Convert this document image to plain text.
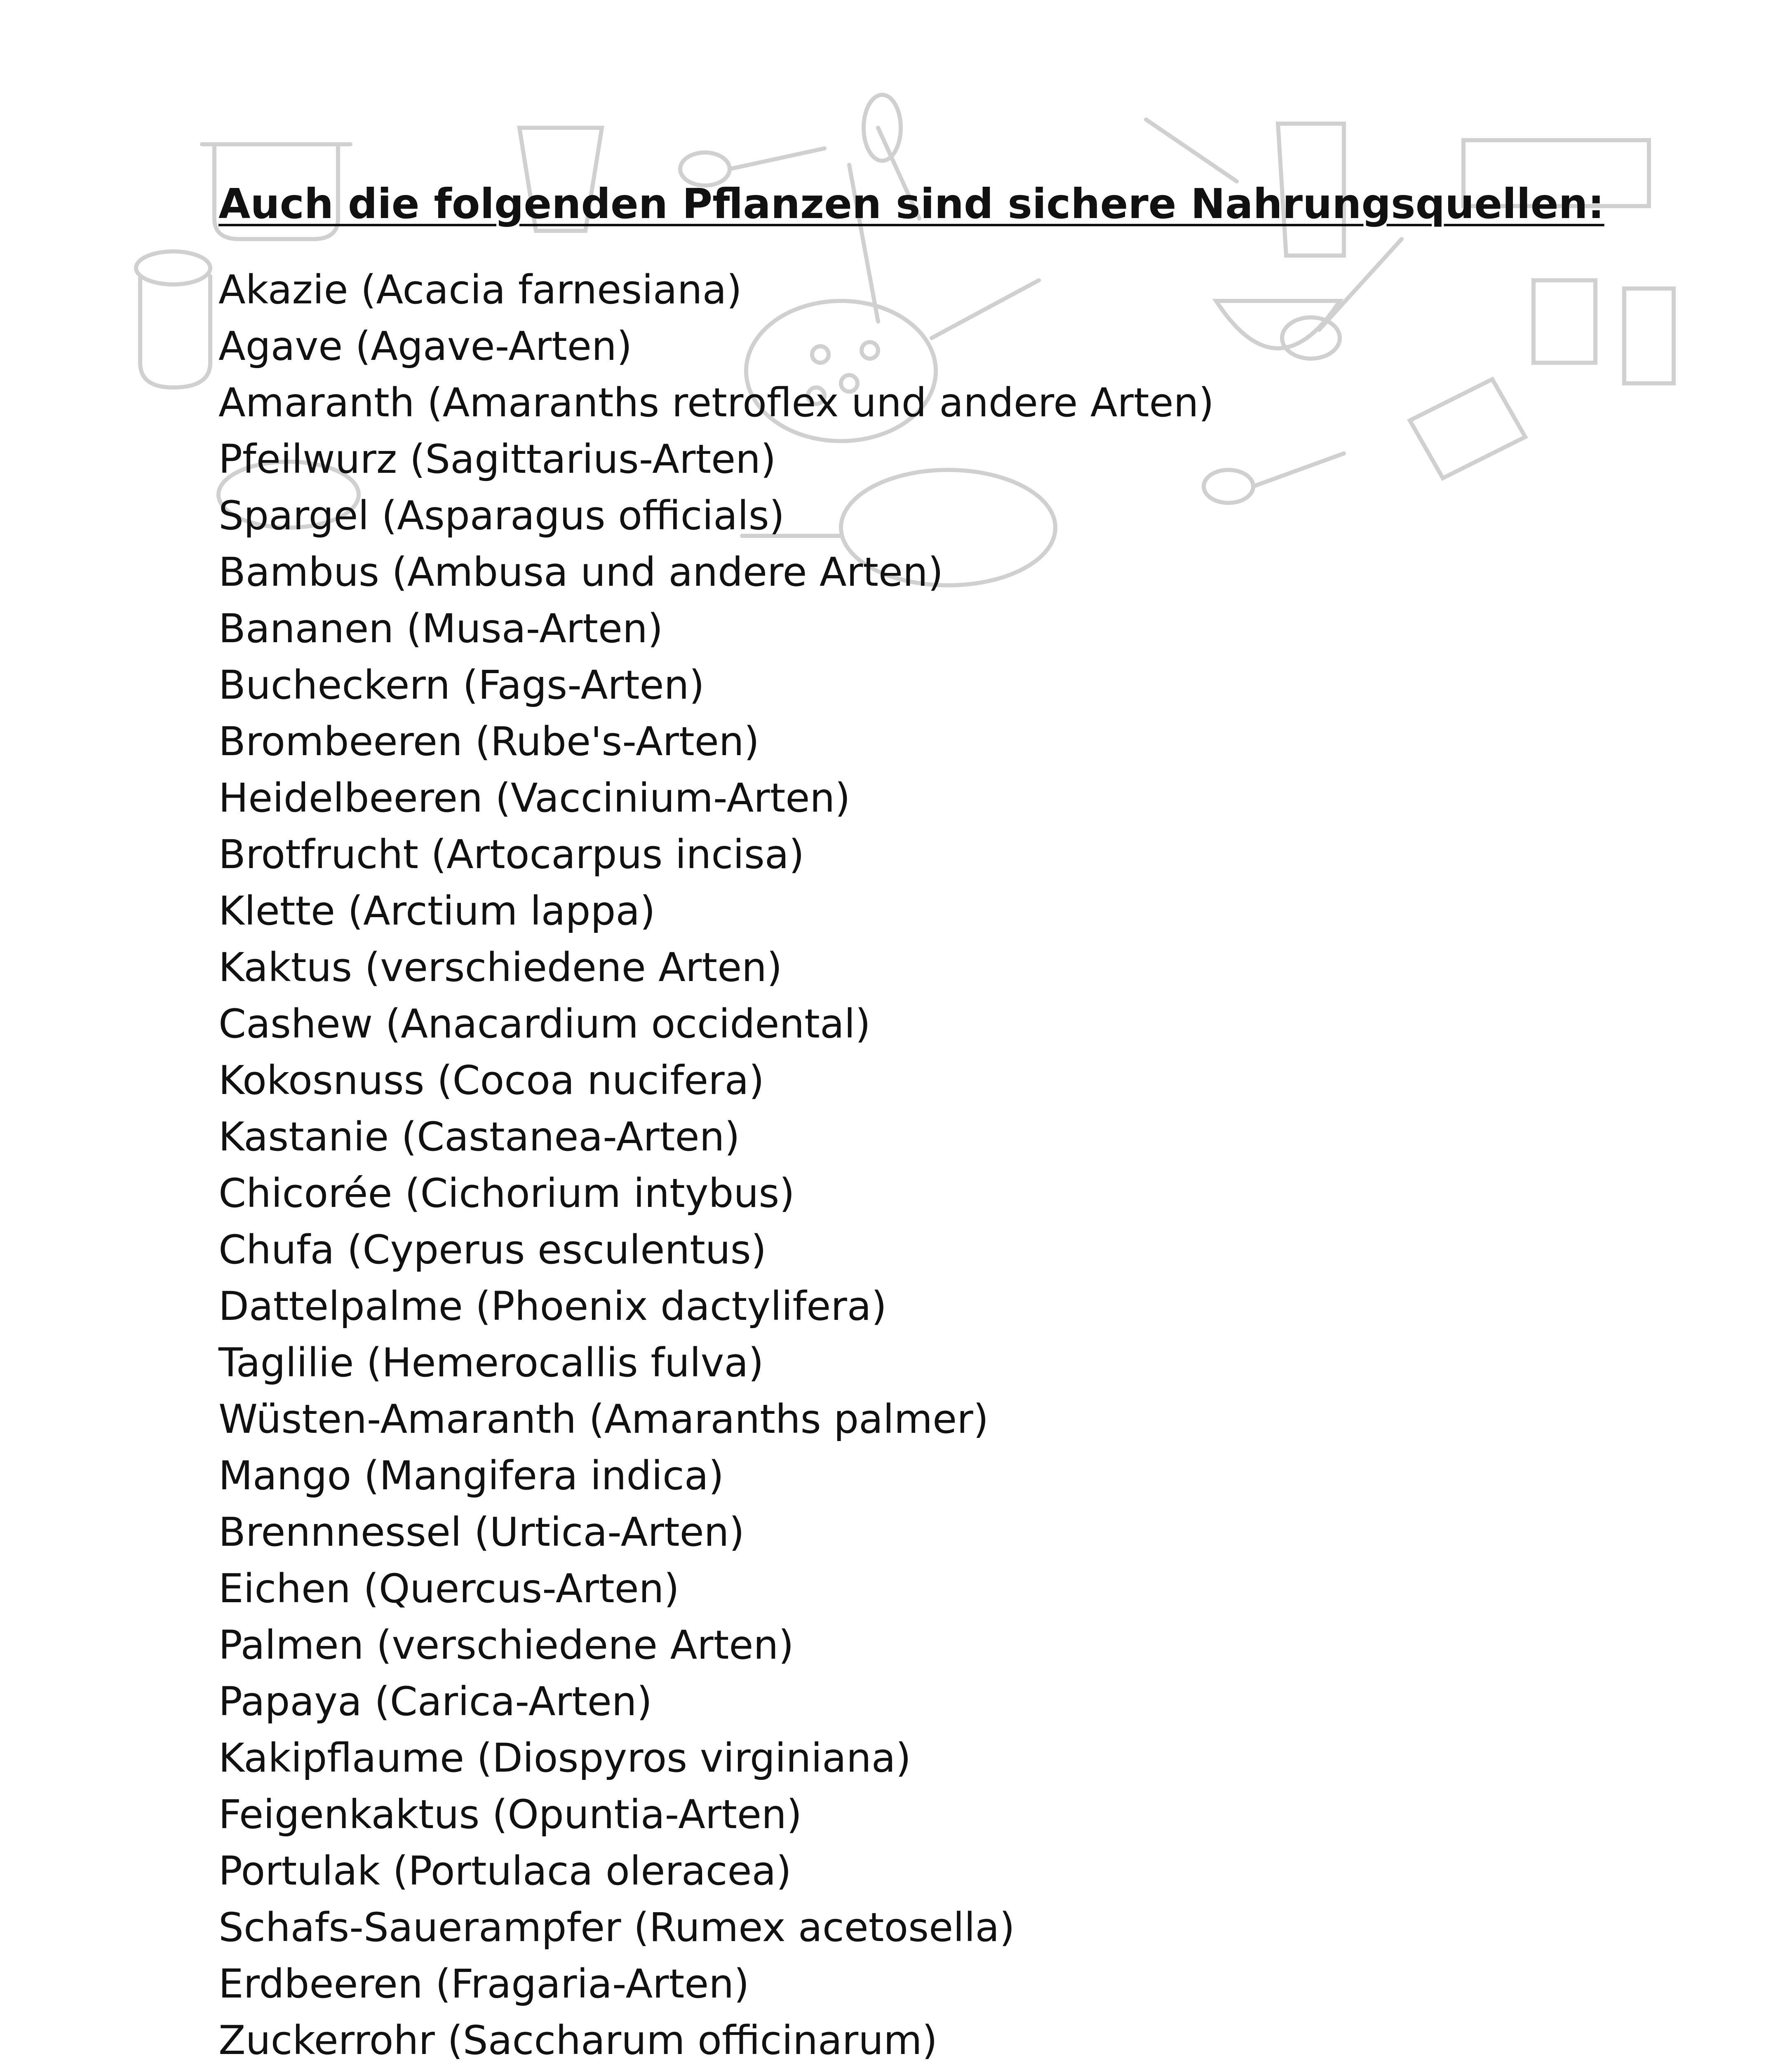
Auch die folgenden Pflanzen sind sichere Nahrungsquellen:
Akazie (Acacia farnesiana)
Agave (Agave-Arten)
Amaranth (Amaranths retroflex und andere Arten)
Pfeilwurz (Sagittarius-Arten)
Spargel (Asparagus officials)
Bambus (Ambusa und andere Arten)
Bananen (Musa-Arten)
Bucheckern (Fags-Arten)
Brombeeren (Rube's-Arten)
Heidelbeeren (Vaccinium-Arten)
Brotfrucht (Artocarpus incisa)
Klette (Arctium lappa)
Kaktus (verschiedene Arten)
Cashew (Anacardium occidental)
Kokosnuss (Cocoa nucifera)
Kastanie (Castanea-Arten)
Chicorée (Cichorium intybus)
Chufa (Cyperus esculentus)
Dattelpalme (Phoenix dactylifera)
Taglilie (Hemerocallis fulva)
Wüsten-Amaranth (Amaranths palmer)
Mango (Mangifera indica)
Brennnessel (Urtica-Arten)
Eichen (Quercus-Arten)
Palmen (verschiedene Arten)
Papaya (Carica-Arten)
Kakipflaume (Diospyros virginiana)
Feigenkaktus (Opuntia-Arten)
Portulak (Portulaca oleracea)
Schafs-Sauerampfer (Rumex acetosella)
Erdbeeren (Fragaria-Arten)
Zuckerrohr (Saccharum officinarum)
